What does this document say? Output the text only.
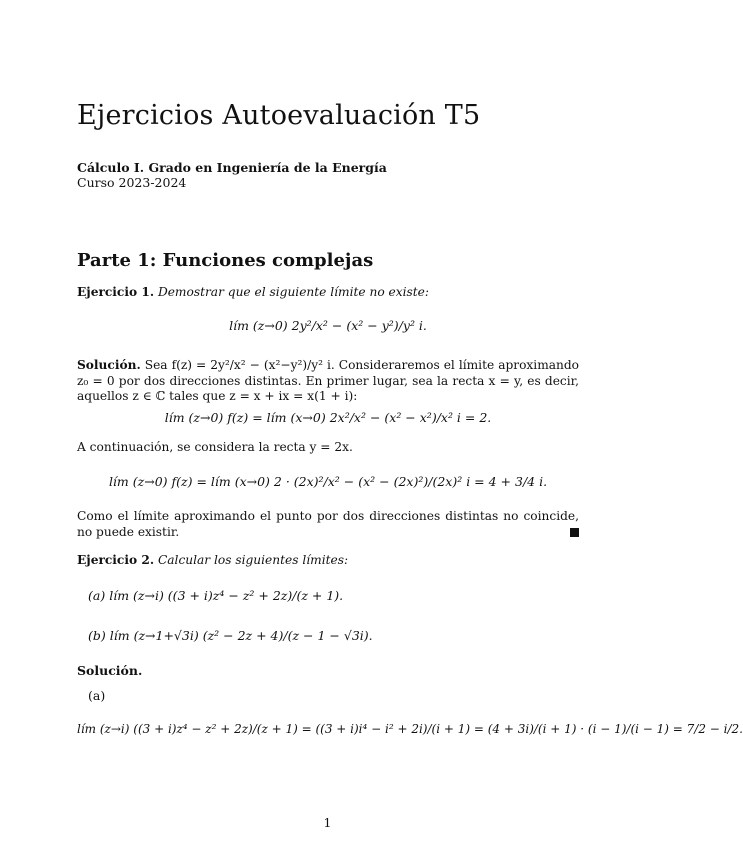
Ejercicios Autoevaluación T5
Cálculo I. Grado en Ingeniería de la Energía
Curso 2023-2024
Parte 1: Funciones complejas
Ejercicio 1. Demostrar que el siguiente límite no existe:
lím (z→0) 2y²/x² − (x² − y²)/y² i.
Solución. Sea f(z) = 2y²/x² − (x²−y²)/y² i. Consideraremos el límite aproximando z₀ = 0 por dos direcciones distintas. En primer lugar, sea la recta x = y, es decir, aquellos z ∈ ℂ tales que z = x + ix = x(1 + i):
lím (z→0) f(z) = lím (x→0) 2x²/x² − (x² − x²)/x² i = 2.
A continuación, se considera la recta y = 2x.
lím (z→0) f(z) = lím (x→0) 2 · (2x)²/x² − (x² − (2x)²)/(2x)² i = 4 + 3/4 i.
Como el límite aproximando el punto por dos direcciones distintas no coincide, no puede existir.
Ejercicio 2. Calcular los siguientes límites:
(a) lím (z→i) ((3 + i)z⁴ − z² + 2z)/(z + 1).
(b) lím (z→1+√3i) (z² − 2z + 4)/(z − 1 − √3i).
Solución.
(a)
lím (z→i) ((3 + i)z⁴ − z² + 2z)/(z + 1) = ((3 + i)i⁴ − i² + 2i)/(i + 1) = (4 + 3i)/(i + 1) · (i − 1)/(i − 1) = 7/2 − i/2.
1
